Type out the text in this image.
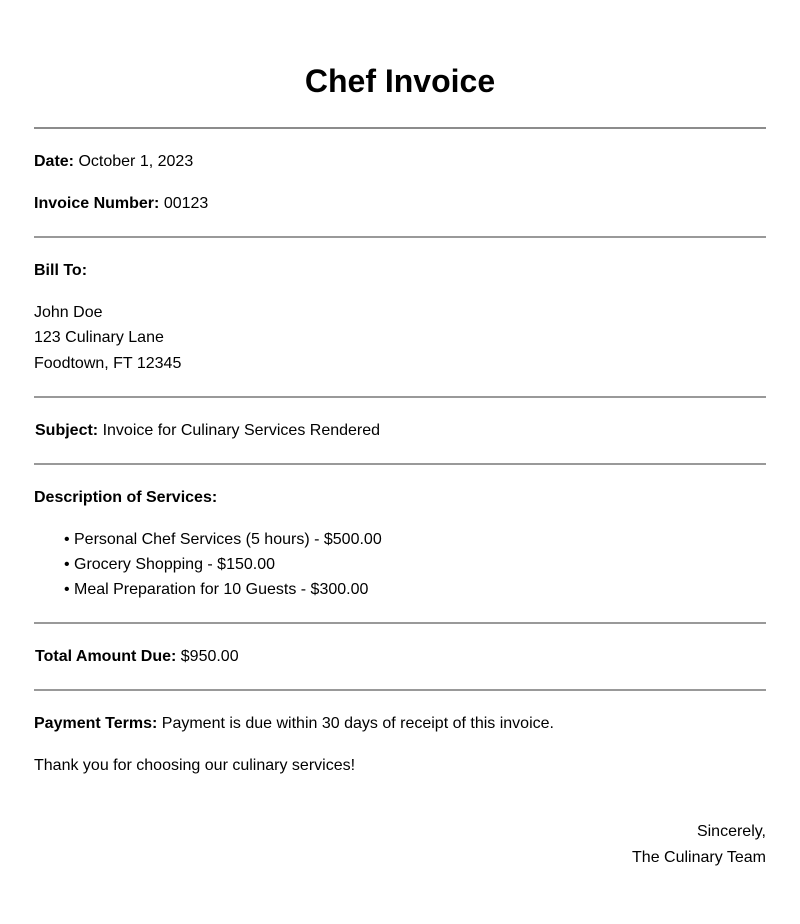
Chef Invoice
Date: October 1, 2023
Invoice Number: 00123
Bill To:
John Doe
123 Culinary Lane
Foodtown, FT 12345
Subject: Invoice for Culinary Services Rendered
Description of Services:
• Personal Chef Services (5 hours) - $500.00
• Grocery Shopping - $150.00
• Meal Preparation for 10 Guests - $300.00
Total Amount Due: $950.00
Payment Terms: Payment is due within 30 days of receipt of this invoice.
Thank you for choosing our culinary services!
Sincerely,
The Culinary Team
